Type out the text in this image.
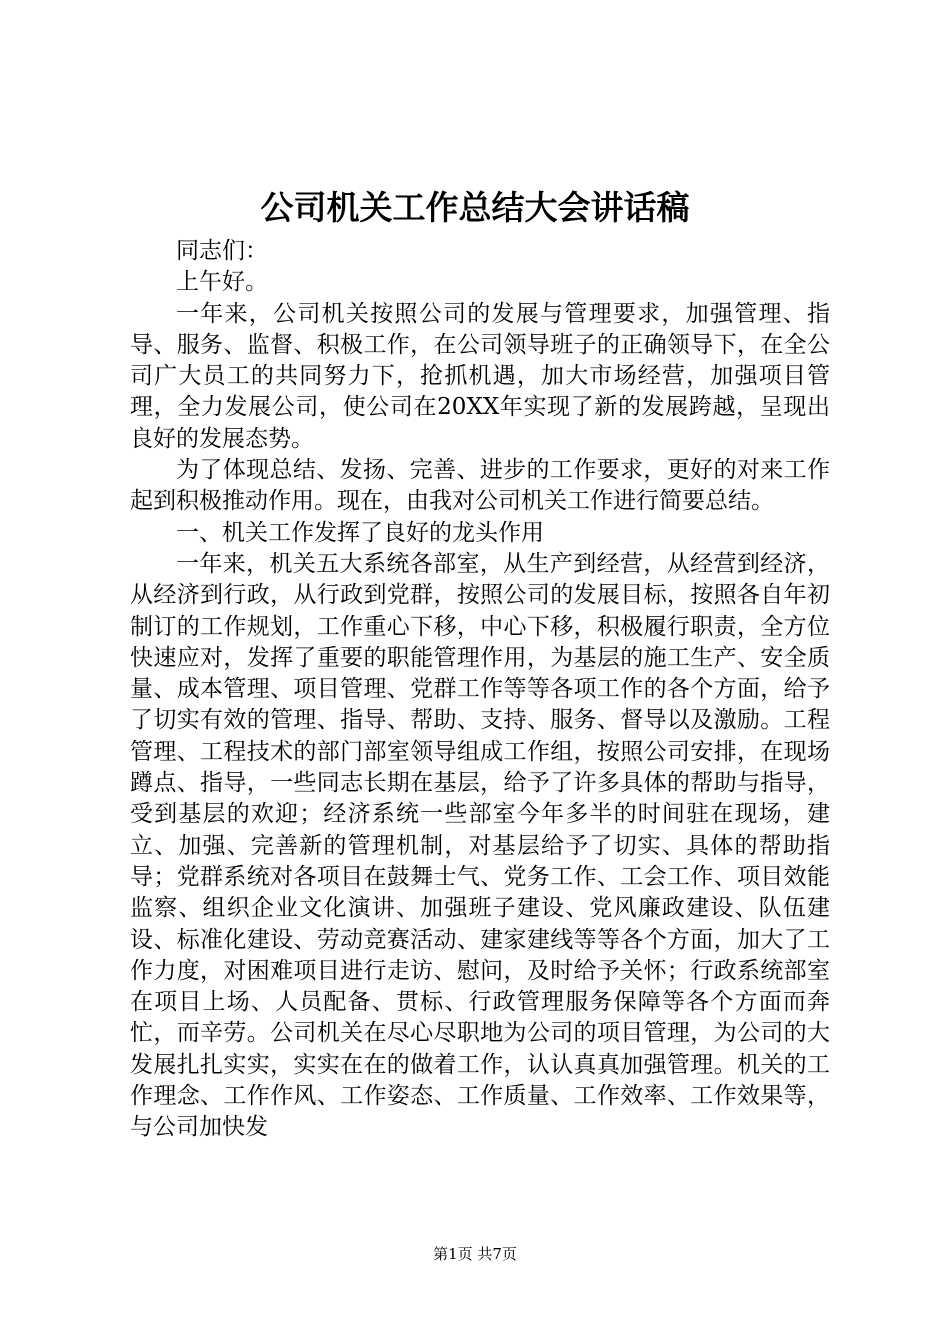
公司机关工作总结大会讲话稿

同志们：

上午好。

一年来，公司机关按照公司的发展与管理要求，加强管理、指导、服务、监督、积极工作，在公司领导班子的正确领导下，在全公司广大员工的共同努力下，抢抓机遇，加大市场经营，加强项目管理，全力发展公司，使公司在20XX年实现了新的发展跨越，呈现出良好的发展态势。

为了体现总结、发扬、完善、进步的工作要求，更好的对来工作起到积极推动作用。现在，由我对公司机关工作进行简要总结。

一、机关工作发挥了良好的龙头作用

一年来，机关五大系统各部室，从生产到经营，从经营到经济，从经济到行政，从行政到党群，按照公司的发展目标，按照各自年初制订的工作规划，工作重心下移，中心下移，积极履行职责，全方位快速应对，发挥了重要的职能管理作用，为基层的施工生产、安全质量、成本管理、项目管理、党群工作等等各项工作的各个方面，给予了切实有效的管理、指导、帮助、支持、服务、督导以及激励。工程管理、工程技术的部门部室领导组成工作组，按照公司安排，在现场蹲点、指导，一些同志长期在基层，给予了许多具体的帮助与指导，受到基层的欢迎；经济系统一些部室今年多半的时间驻在现场，建立、加强、完善新的管理机制，对基层给予了切实、具体的帮助指导；党群系统对各项目在鼓舞士气、党务工作、工会工作、项目效能监察、组织企业文化演讲、加强班子建设、党风廉政建设、队伍建设、标准化建设、劳动竞赛活动、建家建线等等各个方面，加大了工作力度，对困难项目进行走访、慰问，及时给予关怀；行政系统部室在项目上场、人员配备、贯标、行政管理服务保障等各个方面而奔忙，而辛劳。公司机关在尽心尽职地为公司的项目管理，为公司的大发展扎扎实实，实实在在的做着工作，认认真真加强管理。机关的工作理念、工作作风、工作姿态、工作质量、工作效率、工作效果等，与公司加快发

第1页 共7页
